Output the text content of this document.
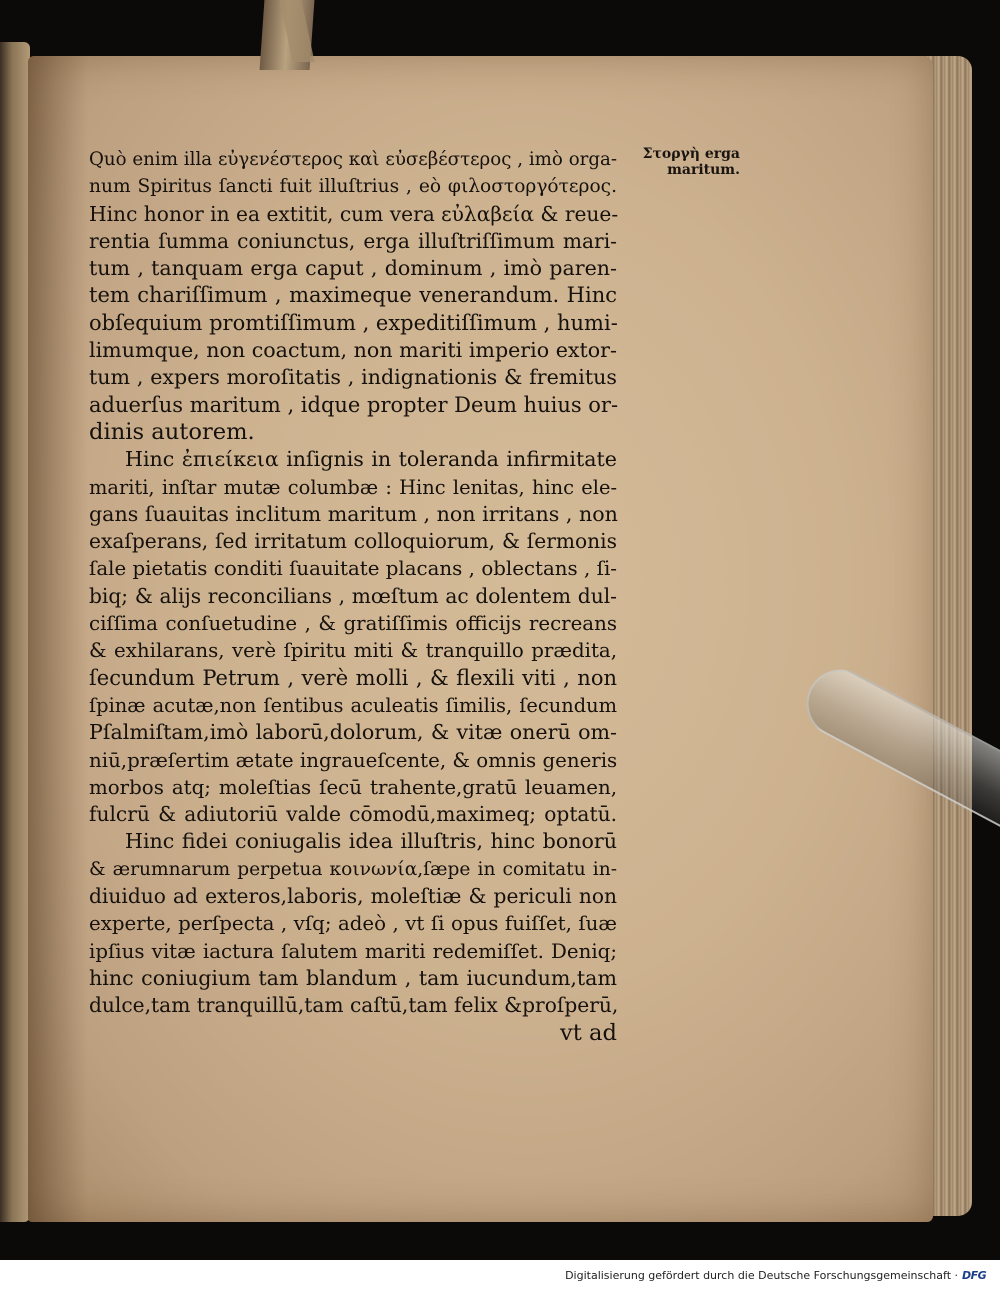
Στοργὴ erga
maritum.
Quò enim illa εὐγενέστερος καὶ εὐσεβέστερος , imò orga-
num Spiritus ſancti fuit illuſtrius , eò φιλοστοργότερος.
Hinc honor in ea extitit, cum vera εὐλαβεία & reue-
rentia ſumma coniunctus, erga illuſtriſſimum mari-
tum , tanquam erga caput , dominum , imò paren-
tem chariſſimum , maximeque venerandum. Hinc
obſequium promtiſſimum , expeditiſſimum , humi-
limumque, non coactum, non mariti imperio extor-
tum , expers moroſitatis , indignationis & fremitus
aduerſus maritum , idque propter Deum huius or-
dinis autorem.
Hinc ἐπιείκεια inſignis in toleranda infirmitate
mariti, inſtar mutæ columbæ : Hinc lenitas, hinc ele-
gans ſuauitas inclitum maritum , non irritans , non
exaſperans, ſed irritatum colloquiorum, & ſermonis
ſale pietatis conditi ſuauitate placans , oblectans , ſi-
biq; & alijs reconcilians , mœſtum ac dolentem dul-
ciſſima conſuetudine , & gratiſſimis officijs recreans
& exhilarans, verè ſpiritu miti & tranquillo prædita,
ſecundum Petrum , verè molli , & flexili viti , non
ſpinæ acutæ,non ſentibus aculeatis ſimilis, ſecundum
Pſalmiſtam,imò laborū,dolorum, & vitæ onerū om-
niū,præſertim ætate ingraueſcente, & omnis generis
morbos atq; moleſtias ſecū trahente,gratū leuamen,
fulcrū & adiutoriū valde cōmodū,maximeq; optatū.
Hinc fidei coniugalis idea illuſtris, hinc bonorū
& ærumnarum perpetua κοινωνία,ſæpe in comitatu in-
diuiduo ad exteros,laboris, moleſtiæ & periculi non
experte, perſpecta , vſq; adeò , vt ſi opus fuiſſet, ſuæ
ipſius vitæ iactura ſalutem mariti redemiſſet. Deniq;
hinc coniugium tam blandum , tam iucundum,tam
dulce,tam tranquillū,tam caſtū,tam felix &proſperū,
vt ad
Digitalisierung gefördert durch die Deutsche Forschungsgemeinschaft · DFG
